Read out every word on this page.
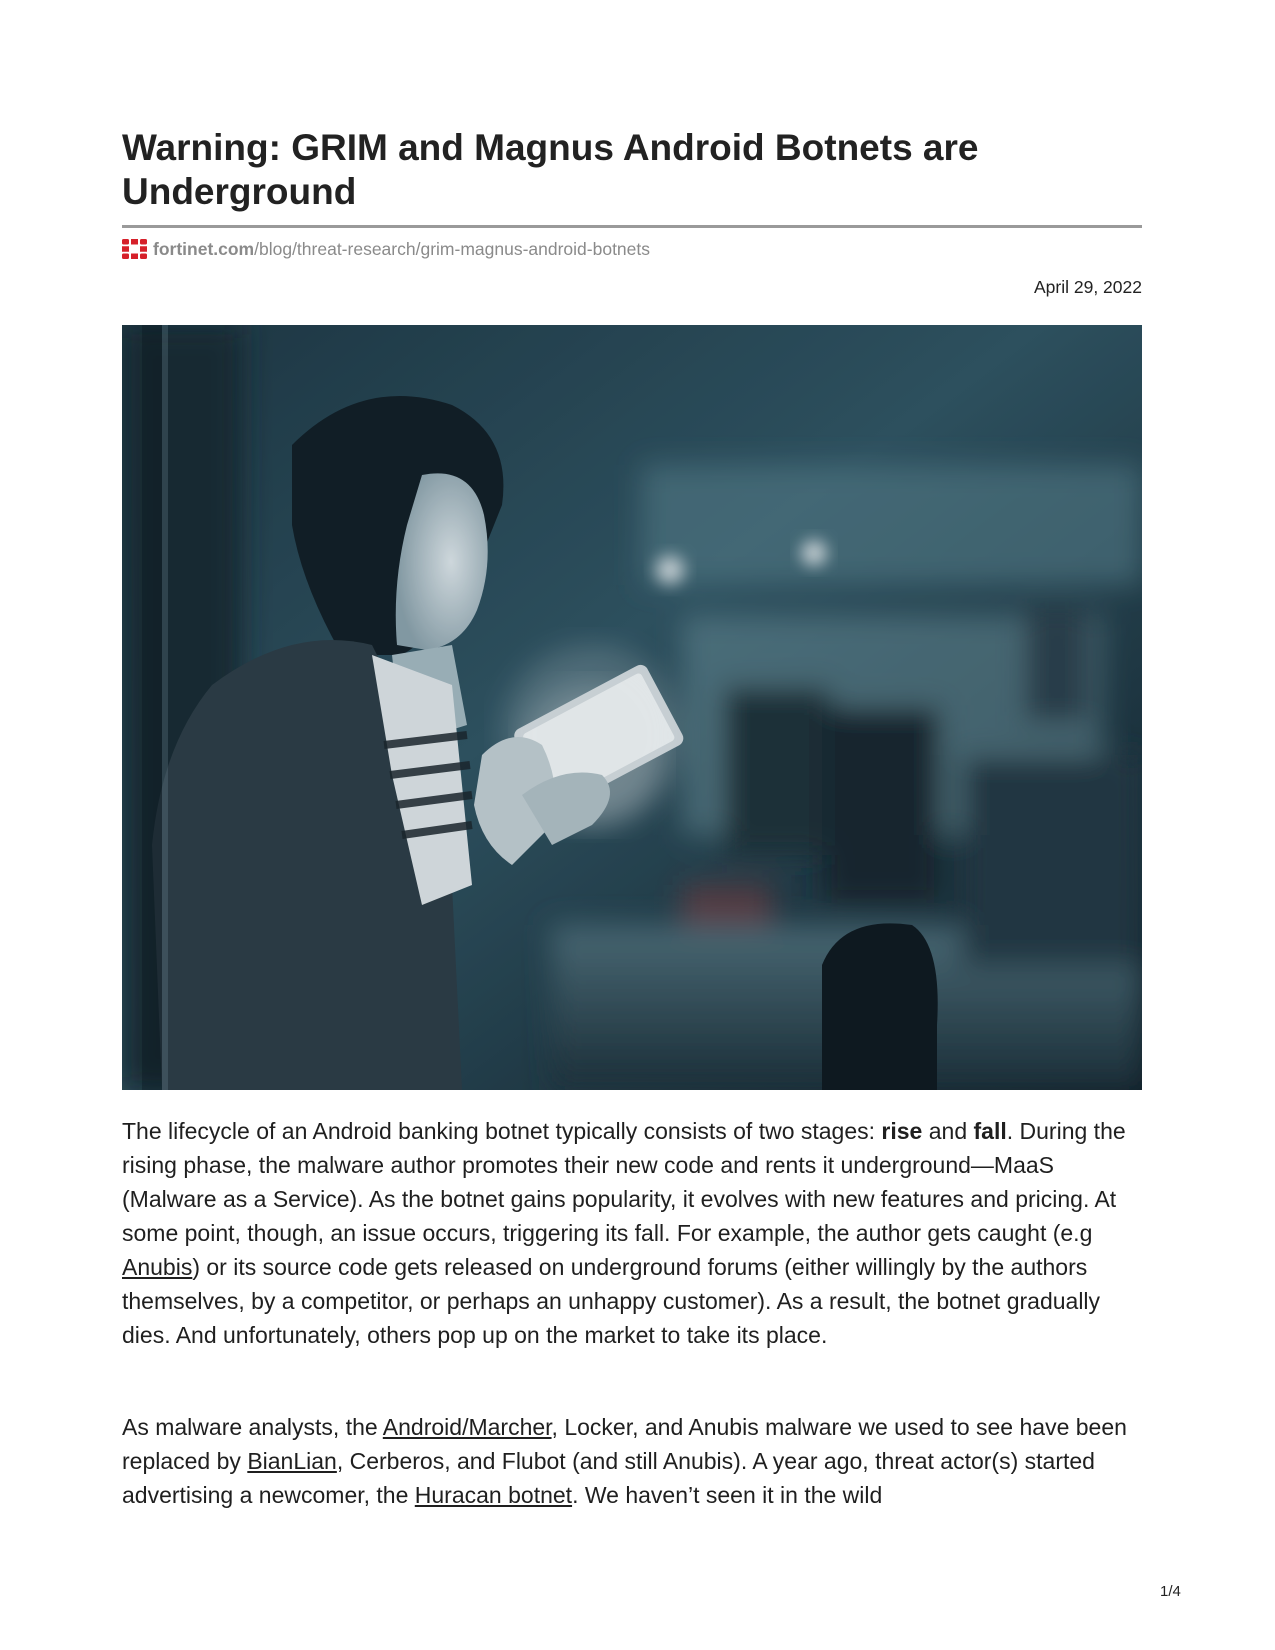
Warning: GRIM and Magnus Android Botnets are Underground
fortinet.com /blog/threat-research/grim-magnus-android-botnets
April 29, 2022

The lifecycle of an Android banking botnet typically consists of two stages: rise and fall. During the rising phase, the malware author promotes their new code and rents it underground—MaaS (Malware as a Service). As the botnet gains popularity, it evolves with new features and pricing. At some point, though, an issue occurs, triggering its fall. For example, the author gets caught (e.g Anubis) or its source code gets released on underground forums (either willingly by the authors themselves, by a competitor, or perhaps an unhappy customer). As a result, the botnet gradually dies. And unfortunately, others pop up on the market to take its place.

As malware analysts, the Android/Marcher, Locker, and Anubis malware we used to see have been replaced by BianLian, Cerberos, and Flubot (and still Anubis). A year ago, threat actor(s) started advertising a newcomer, the Huracan botnet. We haven’t seen it in the wild

1/4
